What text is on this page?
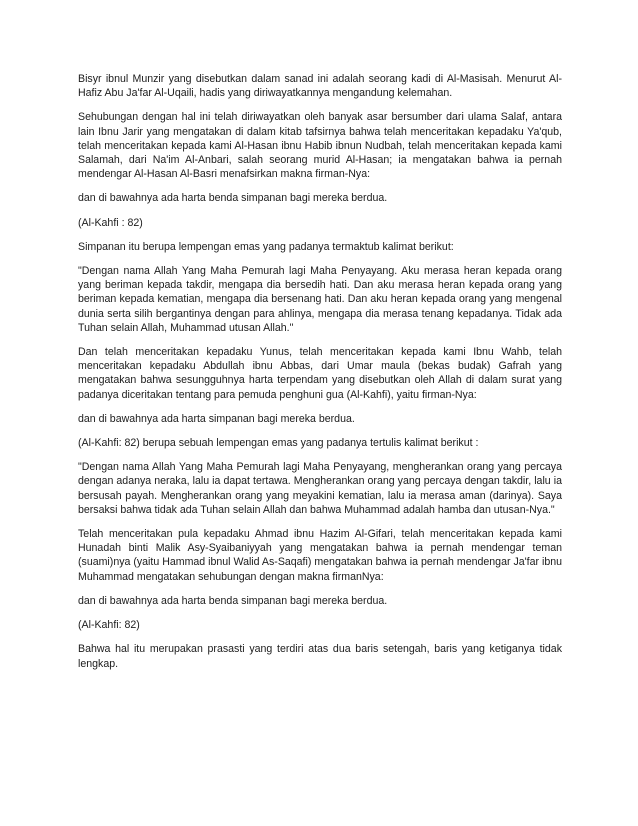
Bisyr ibnul Munzir yang disebutkan dalam sanad ini adalah seorang kadi di Al-Masisah. Menurut Al-Hafiz Abu Ja'far Al-Uqaili, hadis yang diriwayatkannya mengandung kelemahan.

Sehubungan dengan hal ini telah diriwayatkan oleh banyak asar bersumber dari ulama Salaf, antara lain Ibnu Jarir yang mengatakan di dalam kitab tafsirnya bahwa telah menceritakan kepadaku Ya'qub, telah menceritakan kepada kami Al-Hasan ibnu Habib ibnun Nudbah, telah menceritakan kepada kami Salamah, dari Na'im Al-Anbari, salah seorang murid Al-Hasan; ia mengatakan bahwa ia pernah mendengar Al-Hasan Al-Basri menafsirkan makna firman-Nya:

dan di bawahnya ada harta benda simpanan bagi mereka berdua.

(Al-Kahfi : 82)

Simpanan itu berupa lempengan emas yang padanya termaktub kalimat berikut:

"Dengan nama Allah Yang Maha Pemurah lagi Maha Penyayang. Aku merasa heran kepada orang yang beriman kepada takdir, mengapa dia bersedih hati. Dan aku merasa heran kepada orang yang beriman kepada kematian, mengapa dia bersenang hati. Dan aku heran kepada orang yang mengenal dunia serta silih bergantinya dengan para ahlinya, mengapa dia merasa tenang kepadanya. Tidak ada Tuhan selain Allah, Muhammad utusan Allah."

Dan telah menceritakan kepadaku Yunus, telah menceritakan kepada kami Ibnu Wahb, telah menceritakan kepadaku Abdullah ibnu Abbas, dari Umar maula (bekas budak) Gafrah yang mengatakan bahwa sesungguhnya harta terpendam yang disebutkan oleh Allah di dalam surat yang padanya diceritakan tentang para pemuda penghuni gua (Al-Kahfi), yaitu firman-Nya:

dan di bawahnya ada harta simpanan bagi mereka berdua.

(Al-Kahfi: 82) berupa sebuah lempengan emas yang padanya tertulis kalimat berikut :

"Dengan nama Allah Yang Maha Pemurah lagi Maha Penyayang, mengherankan orang yang percaya dengan adanya neraka, lalu ia dapat tertawa. Mengherankan orang yang percaya dengan takdir, lalu ia bersusah payah. Mengherankan orang yang meyakini kematian, lalu ia merasa aman (darinya). Saya bersaksi bahwa tidak ada Tuhan selain Allah dan bahwa Muhammad adalah hamba dan utusan-Nya."

Telah menceritakan pula kepadaku Ahmad ibnu Hazim Al-Gifari, telah menceritakan kepada kami Hunadah binti Malik Asy-Syaibaniyyah yang mengatakan bahwa ia pernah mendengar teman (suami)nya (yaitu Hammad ibnul Walid As-Saqafi) mengatakan bahwa ia pernah mendengar Ja'far ibnu Muhammad mengatakan sehubungan dengan makna firmanNya:

dan di bawahnya ada harta benda simpanan bagi mereka berdua.

(Al-Kahfi: 82)

Bahwa hal itu merupakan prasasti yang terdiri atas dua baris setengah, baris yang ketiganya tidak lengkap.
